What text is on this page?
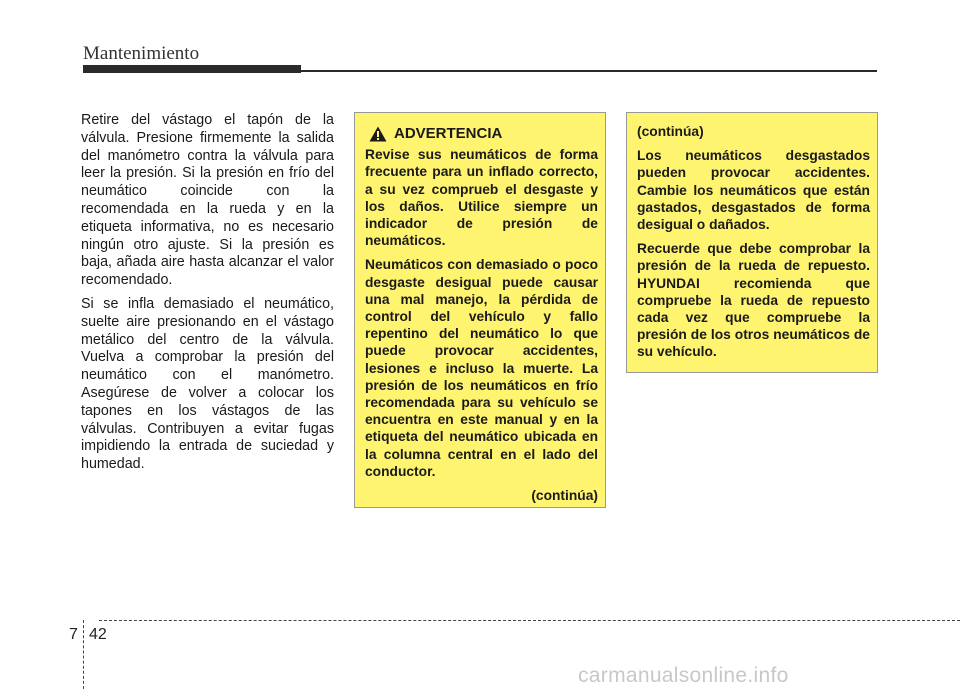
Mantenimiento

Retire del vástago el tapón de la válvula. Presione firmemente la salida del manómetro contra la válvula para leer la presión. Si la presión en frío del neumático coincide con la recomendada en la rueda y en la etiqueta informativa, no es necesario ningún otro ajuste. Si la presión es baja, añada aire hasta alcanzar el valor recomendado.

Si se infla demasiado el neumático, suelte aire presionando en el vástago metálico del centro de la válvula. Vuelva a comprobar la presión del neumático con el manómetro. Asegúrese de volver a colocar los tapones en los vástagos de las válvulas. Contribuyen a evitar fugas impidiendo la entrada de suciedad y humedad.

ADVERTENCIA

Revise sus neumáticos de forma frecuente para un inflado correcto, a su vez comprueb el desgaste y los daños. Utilice siempre un indicador de presión de neumáticos.

Neumáticos con demasiado o poco desgaste desigual puede causar una mal manejo, la pérdida de control del vehículo y fallo repentino del neumático lo que puede provocar accidentes, lesiones e incluso la muerte. La presión de los neumáticos en frío recomendada para su vehículo se encuentra en este manual y en la etiqueta del neumático ubicada en la columna central en el lado del conductor.

(continúa)

(continúa)

Los neumáticos desgastados pueden provocar accidentes. Cambie los neumáticos que están gastados, desgastados de forma desigual o dañados.

Recuerde que debe comprobar la presión de la rueda de repuesto. HYUNDAI recomienda que compruebe la rueda de repuesto cada vez que compruebe la presión de los otros neumáticos de su vehículo.

7 42
carmanualsonline.info
